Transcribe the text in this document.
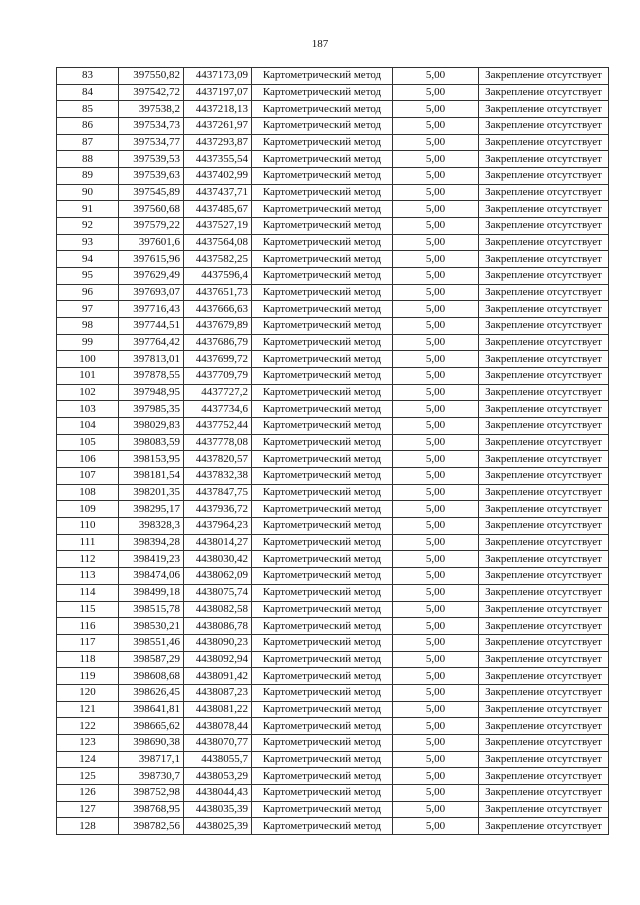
187
83	397550,82	4437173,09	Картометрический метод	5,00	Закрепление отсутствует
84	397542,72	4437197,07	Картометрический метод	5,00	Закрепление отсутствует
85	397538,2	4437218,13	Картометрический метод	5,00	Закрепление отсутствует
86	397534,73	4437261,97	Картометрический метод	5,00	Закрепление отсутствует
87	397534,77	4437293,87	Картометрический метод	5,00	Закрепление отсутствует
88	397539,53	4437355,54	Картометрический метод	5,00	Закрепление отсутствует
89	397539,63	4437402,99	Картометрический метод	5,00	Закрепление отсутствует
90	397545,89	4437437,71	Картометрический метод	5,00	Закрепление отсутствует
91	397560,68	4437485,67	Картометрический метод	5,00	Закрепление отсутствует
92	397579,22	4437527,19	Картометрический метод	5,00	Закрепление отсутствует
93	397601,6	4437564,08	Картометрический метод	5,00	Закрепление отсутствует
94	397615,96	4437582,25	Картометрический метод	5,00	Закрепление отсутствует
95	397629,49	4437596,4	Картометрический метод	5,00	Закрепление отсутствует
96	397693,07	4437651,73	Картометрический метод	5,00	Закрепление отсутствует
97	397716,43	4437666,63	Картометрический метод	5,00	Закрепление отсутствует
98	397744,51	4437679,89	Картометрический метод	5,00	Закрепление отсутствует
99	397764,42	4437686,79	Картометрический метод	5,00	Закрепление отсутствует
100	397813,01	4437699,72	Картометрический метод	5,00	Закрепление отсутствует
101	397878,55	4437709,79	Картометрический метод	5,00	Закрепление отсутствует
102	397948,95	4437727,2	Картометрический метод	5,00	Закрепление отсутствует
103	397985,35	4437734,6	Картометрический метод	5,00	Закрепление отсутствует
104	398029,83	4437752,44	Картометрический метод	5,00	Закрепление отсутствует
105	398083,59	4437778,08	Картометрический метод	5,00	Закрепление отсутствует
106	398153,95	4437820,57	Картометрический метод	5,00	Закрепление отсутствует
107	398181,54	4437832,38	Картометрический метод	5,00	Закрепление отсутствует
108	398201,35	4437847,75	Картометрический метод	5,00	Закрепление отсутствует
109	398295,17	4437936,72	Картометрический метод	5,00	Закрепление отсутствует
110	398328,3	4437964,23	Картометрический метод	5,00	Закрепление отсутствует
111	398394,28	4438014,27	Картометрический метод	5,00	Закрепление отсутствует
112	398419,23	4438030,42	Картометрический метод	5,00	Закрепление отсутствует
113	398474,06	4438062,09	Картометрический метод	5,00	Закрепление отсутствует
114	398499,18	4438075,74	Картометрический метод	5,00	Закрепление отсутствует
115	398515,78	4438082,58	Картометрический метод	5,00	Закрепление отсутствует
116	398530,21	4438086,78	Картометрический метод	5,00	Закрепление отсутствует
117	398551,46	4438090,23	Картометрический метод	5,00	Закрепление отсутствует
118	398587,29	4438092,94	Картометрический метод	5,00	Закрепление отсутствует
119	398608,68	4438091,42	Картометрический метод	5,00	Закрепление отсутствует
120	398626,45	4438087,23	Картометрический метод	5,00	Закрепление отсутствует
121	398641,81	4438081,22	Картометрический метод	5,00	Закрепление отсутствует
122	398665,62	4438078,44	Картометрический метод	5,00	Закрепление отсутствует
123	398690,38	4438070,77	Картометрический метод	5,00	Закрепление отсутствует
124	398717,1	4438055,7	Картометрический метод	5,00	Закрепление отсутствует
125	398730,7	4438053,29	Картометрический метод	5,00	Закрепление отсутствует
126	398752,98	4438044,43	Картометрический метод	5,00	Закрепление отсутствует
127	398768,95	4438035,39	Картометрический метод	5,00	Закрепление отсутствует
128	398782,56	4438025,39	Картометрический метод	5,00	Закрепление отсутствует
